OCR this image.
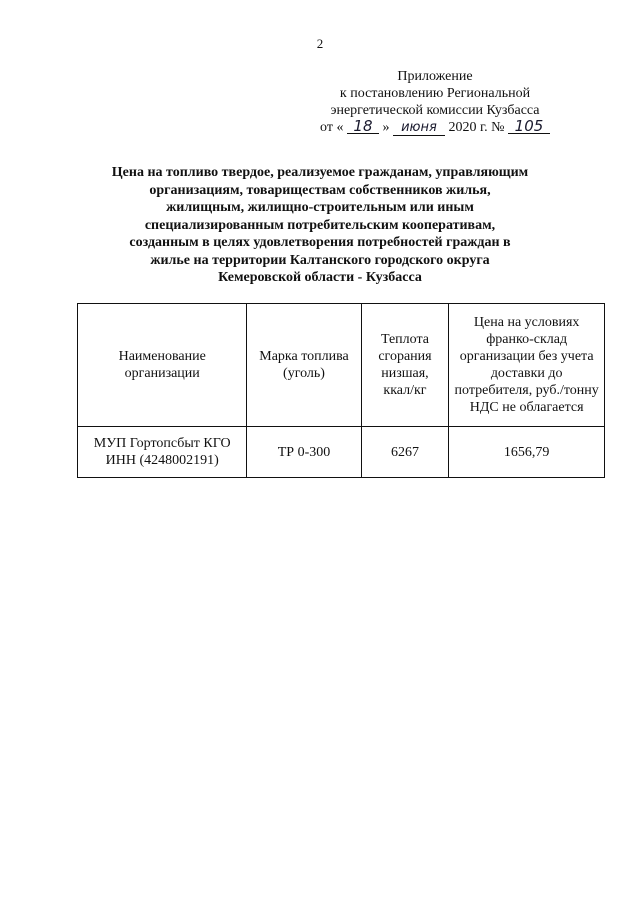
2
Приложение
к постановлению Региональной
энергетической комиссии Кузбасса
от « 18 » июня 2020 г. № 105
Цена на топливо твердое, реализуемое гражданам, управляющим организациям, товариществам собственников жилья, жилищным, жилищно-строительным или иным специализированным потребительским кооперативам, созданным в целях удовлетворения потребностей граждан в жилье на территории Калтанского городского округа Кемеровской области - Кузбасса
Наименование организации	Марка топлива (уголь)	Теплота сгорания низшая, ккал/кг	Цена на условиях франко-склад организации без учета доставки до потребителя, руб./тонну НДС не облагается

МУП Гортопсбыт КГО
ИНН (4248002191)	ТР 0-300	6267	1656,79
